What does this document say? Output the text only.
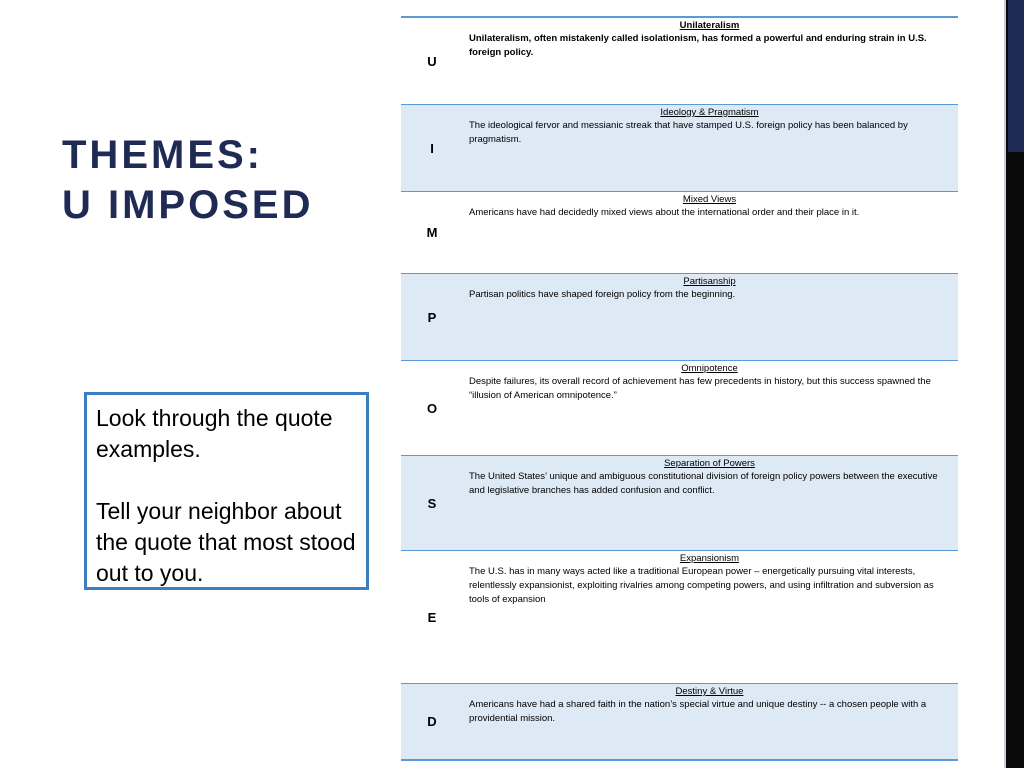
THEMES:
U IMPOSED

Look through the quote examples.

Tell your neighbor about the quote that most stood out to you.

U
Unilateralism
Unilateralism, often mistakenly called isolationism, has formed a powerful and enduring strain in U.S. foreign policy.
I
Ideology & Pragmatism
The ideological fervor and messianic streak that have stamped U.S. foreign policy has been balanced by pragmatism.
M
Mixed Views
Americans have had decidedly mixed views about the international order and their place in it.
P
Partisanship
Partisan politics have shaped foreign policy from the beginning.
O
Omnipotence
Despite failures, its overall record of achievement has few precedents in history, but this success spawned the “illusion of American omnipotence.”
S
Separation of Powers
The United States’ unique and ambiguous constitutional division of foreign policy powers between the executive and legislative branches has added confusion and conflict.
E
Expansionism
The U.S. has in many ways acted like a traditional European power – energetically pursuing vital interests, relentlessly expansionist, exploiting rivalries among competing powers, and using infiltration and subversion as tools of expansion
D
Destiny & Virtue
Americans have had a shared faith in the nation’s special virtue and unique destiny -- a chosen people with a providential mission.
